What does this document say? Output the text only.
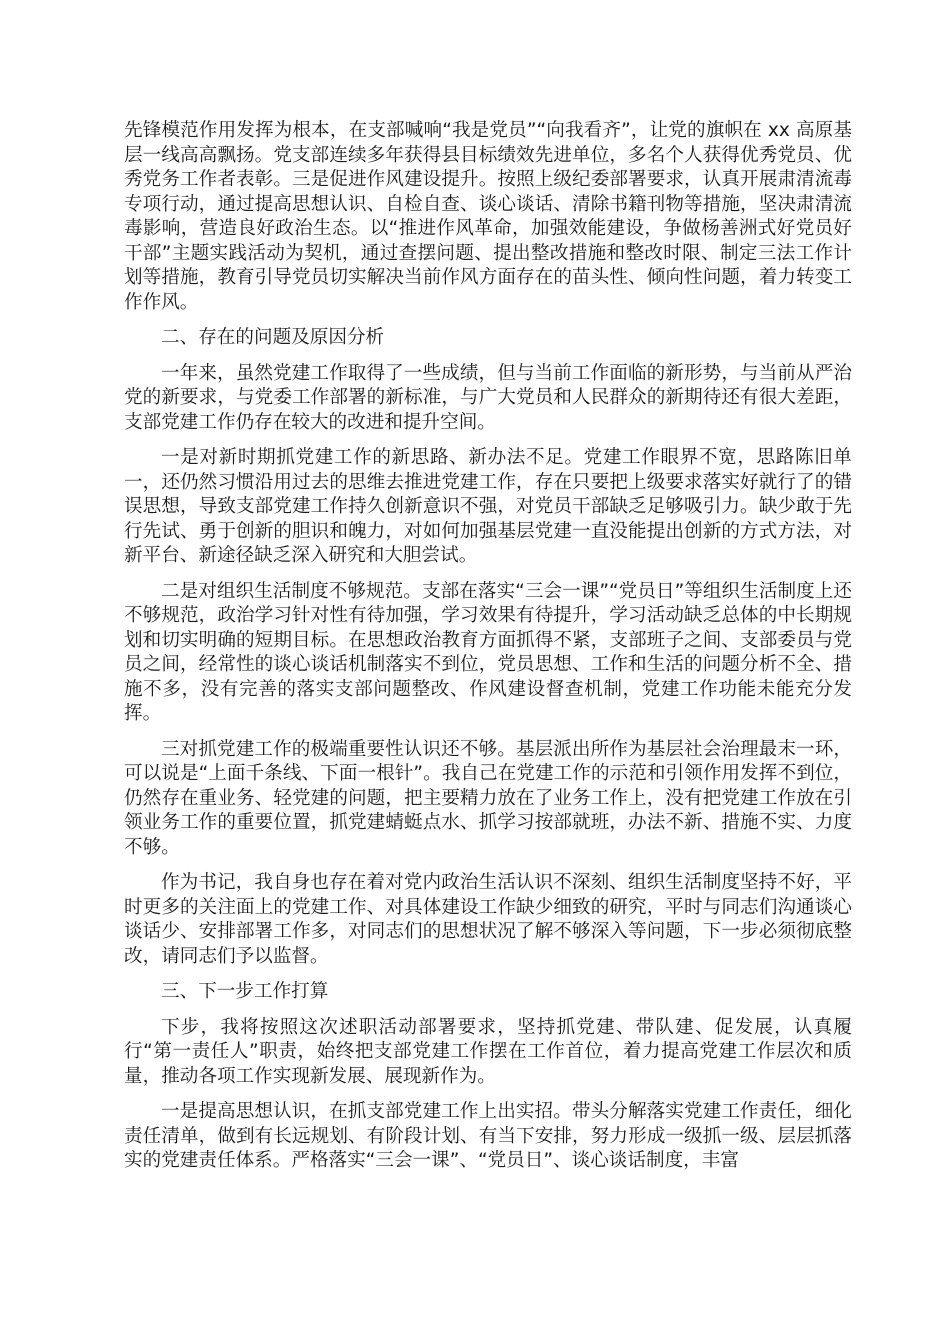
先锋模范作用发挥为根本，在支部喊响“我是党员”“向我看齐”，让党的旗帜在 xx 高原基层一线高高飘扬。党支部连续多年获得县目标绩效先进单位，多名个人获得优秀党员、优秀党务工作者表彰。三是促进作风建设提升。按照上级纪委部署要求，认真开展肃清流毒专项行动，通过提高思想认识、自检自查、谈心谈话、清除书籍刊物等措施，坚决肃清流毒影响，营造良好政治生态。以“推进作风革命，加强效能建设，争做杨善洲式好党员好干部”主题实践活动为契机，通过查摆问题、提出整改措施和整改时限、制定三法工作计划等措施，教育引导党员切实解决当前作风方面存在的苗头性、倾向性问题，着力转变工作作风。

二、存在的问题及原因分析

一年来，虽然党建工作取得了一些成绩，但与当前工作面临的新形势，与当前从严治党的新要求，与党委工作部署的新标准，与广大党员和人民群众的新期待还有很大差距，支部党建工作仍存在较大的改进和提升空间。

一是对新时期抓党建工作的新思路、新办法不足。党建工作眼界不宽，思路陈旧单一，还仍然习惯沿用过去的思维去推进党建工作，存在只要把上级要求落实好就行了的错误思想，导致支部党建工作持久创新意识不强，对党员干部缺乏足够吸引力。缺少敢于先行先试、勇于创新的胆识和魄力，对如何加强基层党建一直没能提出创新的方式方法，对新平台、新途径缺乏深入研究和大胆尝试。

二是对组织生活制度不够规范。支部在落实“三会一课”“党员日”等组织生活制度上还不够规范，政治学习针对性有待加强，学习效果有待提升，学习活动缺乏总体的中长期规划和切实明确的短期目标。在思想政治教育方面抓得不紧，支部班子之间、支部委员与党员之间，经常性的谈心谈话机制落实不到位，党员思想、工作和生活的问题分析不全、措施不多，没有完善的落实支部问题整改、作风建设督查机制，党建工作功能未能充分发挥。

三对抓党建工作的极端重要性认识还不够。基层派出所作为基层社会治理最末一环，可以说是“上面千条线、下面一根针”。我自己在党建工作的示范和引领作用发挥不到位，仍然存在重业务、轻党建的问题，把主要精力放在了业务工作上，没有把党建工作放在引领业务工作的重要位置，抓党建蜻蜓点水、抓学习按部就班，办法不新、措施不实、力度不够。

作为书记，我自身也存在着对党内政治生活认识不深刻、组织生活制度坚持不好，平时更多的关注面上的党建工作、对具体建设工作缺少细致的研究，平时与同志们沟通谈心谈话少、安排部署工作多，对同志们的思想状况了解不够深入等问题，下一步必须彻底整改，请同志们予以监督。

三、下一步工作打算

下步，我将按照这次述职活动部署要求，坚持抓党建、带队建、促发展，认真履行“第一责任人”职责，始终把支部党建工作摆在工作首位，着力提高党建工作层次和质量，推动各项工作实现新发展、展现新作为。

一是提高思想认识，在抓支部党建工作上出实招。带头分解落实党建工作责任，细化责任清单，做到有长远规划、有阶段计划、有当下安排，努力形成一级抓一级、层层抓落实的党建责任体系。严格落实“三会一课”、“党员日”、谈心谈话制度，丰富
